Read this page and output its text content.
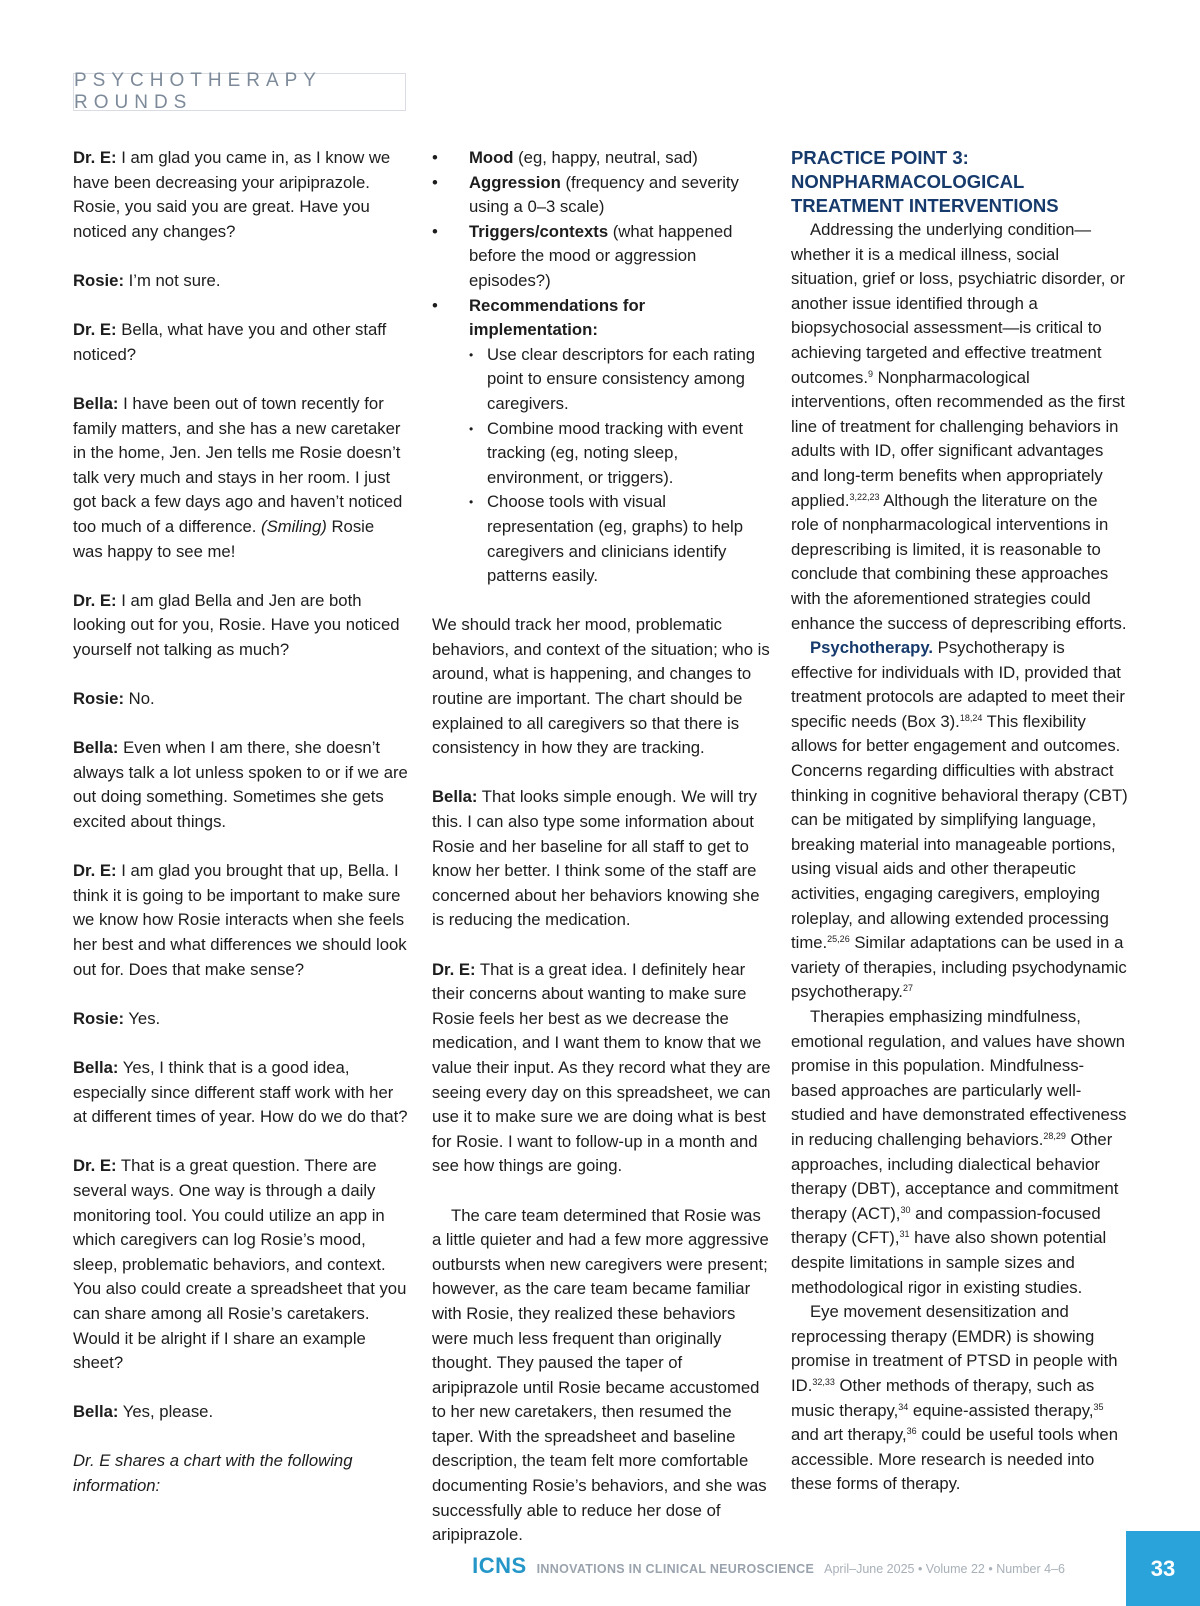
PSYCHOTHERAPY ROUNDS

Dr. E: I am glad you came in, as I know we have been decreasing your aripiprazole. Rosie, you said you are great. Have you noticed any changes?

Rosie: I’m not sure.

Dr. E: Bella, what have you and other staff noticed?

Bella: I have been out of town recently for family matters, and she has a new caretaker in the home, Jen. Jen tells me Rosie doesn’t talk very much and stays in her room. I just got back a few days ago and haven’t noticed too much of a difference. (Smiling) Rosie was happy to see me!

Dr. E: I am glad Bella and Jen are both looking out for you, Rosie. Have you noticed yourself not talking as much?

Rosie: No.

Bella: Even when I am there, she doesn’t always talk a lot unless spoken to or if we are out doing something. Sometimes she gets excited about things.

Dr. E: I am glad you brought that up, Bella. I think it is going to be important to make sure we know how Rosie interacts when she feels her best and what differences we should look out for. Does that make sense?

Rosie: Yes.

Bella: Yes, I think that is a good idea, especially since different staff work with her at different times of year. How do we do that?

Dr. E: That is a great question. There are several ways. One way is through a daily monitoring tool. You could utilize an app in which caregivers can log Rosie’s mood, sleep, problematic behaviors, and context. You also could create a spreadsheet that you can share among all Rosie’s caretakers. Would it be alright if I share an example sheet?

Bella: Yes, please.

Dr. E shares a chart with the following information:

• Mood (eg, happy, neutral, sad)
• Aggression (frequency and severity using a 0–3 scale)
• Triggers/contexts (what happened before the mood or aggression episodes?)
• Recommendations for implementation:
• Use clear descriptors for each rating point to ensure consistency among caregivers.
• Combine mood tracking with event tracking (eg, noting sleep, environment, or triggers).
• Choose tools with visual representation (eg, graphs) to help caregivers and clinicians identify patterns easily.

We should track her mood, problematic behaviors, and context of the situation; who is around, what is happening, and changes to routine are important. The chart should be explained to all caregivers so that there is consistency in how they are tracking.

Bella: That looks simple enough. We will try this. I can also type some information about Rosie and her baseline for all staff to get to know her better. I think some of the staff are concerned about her behaviors knowing she is reducing the medication.

Dr. E: That is a great idea. I definitely hear their concerns about wanting to make sure Rosie feels her best as we decrease the medication, and I want them to know that we value their input. As they record what they are seeing every day on this spreadsheet, we can use it to make sure we are doing what is best for Rosie. I want to follow-up in a month and see how things are going.

The care team determined that Rosie was a little quieter and had a few more aggressive outbursts when new caregivers were present; however, as the care team became familiar with Rosie, they realized these behaviors were much less frequent than originally thought. They paused the taper of aripiprazole until Rosie became accustomed to her new caretakers, then resumed the taper. With the spreadsheet and baseline description, the team felt more comfortable documenting Rosie’s behaviors, and she was successfully able to reduce her dose of aripiprazole.

PRACTICE POINT 3: NONPHARMACOLOGICAL TREATMENT INTERVENTIONS

Addressing the underlying condition—whether it is a medical illness, social situation, grief or loss, psychiatric disorder, or another issue identified through a biopsychosocial assessment—is critical to achieving targeted and effective treatment outcomes.$^9$ Nonpharmacological interventions, often recommended as the first line of treatment for challenging behaviors in adults with ID, offer significant advantages and long-term benefits when appropriately applied.$^{3,22,23}$ Although the literature on the role of nonpharmacological interventions in deprescribing is limited, it is reasonable to conclude that combining these approaches with the aforementioned strategies could enhance the success of deprescribing efforts.

Psychotherapy. Psychotherapy is effective for individuals with ID, provided that treatment protocols are adapted to meet their specific needs (Box 3).$^{18,24}$ This flexibility allows for better engagement and outcomes. Concerns regarding difficulties with abstract thinking in cognitive behavioral therapy (CBT) can be mitigated by simplifying language, breaking material into manageable portions, using visual aids and other therapeutic activities, engaging caregivers, employing roleplay, and allowing extended processing time.$^{25,26}$ Similar adaptations can be used in a variety of therapies, including psychodynamic psychotherapy.$^{27}$

Therapies emphasizing mindfulness, emotional regulation, and values have shown promise in this population. Mindfulness-based approaches are particularly well-studied and have demonstrated effectiveness in reducing challenging behaviors.$^{28,29}$ Other approaches, including dialectical behavior therapy (DBT), acceptance and commitment therapy (ACT),$^{30}$ and compassion-focused therapy (CFT),$^{31}$ have also shown potential despite limitations in sample sizes and methodological rigor in existing studies.

Eye movement desensitization and reprocessing therapy (EMDR) is showing promise in treatment of PTSD in people with ID.$^{32,33}$ Other methods of therapy, such as music therapy,$^{34}$ equine-assisted therapy,$^{35}$ and art therapy,$^{36}$ could be useful tools when accessible. More research is needed into these forms of therapy.

ICNS INNOVATIONS IN CLINICAL NEUROSCIENCE April–June 2025 • Volume 22 • Number 4–6	33
